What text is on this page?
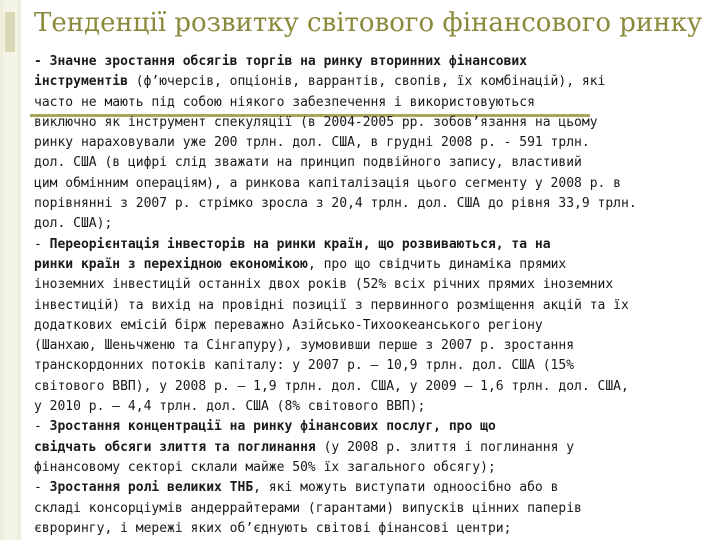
Тенденції розвитку світового фінансового ринку
- Значне зростання обсягів торгів на ринку вторинних фінансових
інструментів (ф’ючерсів, опціонів, варрантів, свопів, їх комбінацій), які
часто не мають під собою ніякого забезпечення і використовуються
виключно як інструмент спекуляції (в 2004-2005 рр. зобов’язання на цьому
ринку нараховували уже 200 трлн. дол. США, в грудні 2008 р. - 591 трлн.
дол. США (в цифрі слід зважати на принцип подвійного запису, властивий
цим обмінним операціям), а ринкова капіталізація цього сегменту у 2008 р. в
порівнянні з 2007 р. стрімко зросла з 20,4 трлн. дол. США до рівня 33,9 трлн.
дол. США);
- Переорієнтація інвесторів на ринки країн, що розвиваються, та на
ринки країн з перехідною економікою, про що свідчить динаміка прямих
іноземних інвестицій останніх двох років (52% всіх річних прямих іноземних
інвестицій) та вихід на провідні позиції з первинного розміщення акцій та їх
додаткових емісій бірж переважно Азійсько-Тихоокеанського регіону
(Шанхаю, Шеньчженю та Сінгапуру), зумовивши перше з 2007 р. зростання
транскордонних потоків капіталу: у 2007 р. – 10,9 трлн. дол. США (15%
світового ВВП), у 2008 р. – 1,9 трлн. дол. США, у 2009 – 1,6 трлн. дол. США,
у 2010 р. – 4,4 трлн. дол. США (8% світового ВВП);
- Зростання концентрації на ринку фінансових послуг, про що
свідчать обсяги злиття та поглинання (у 2008 р. злиття і поглинання у
фінансовому секторі склали майже 50% їх загального обсягу);
- Зростання ролі великих ТНБ, які можуть виступати одноосібно або в
складі консорціумів андеррайтерами (гарантами) випусків цінних паперів
єврорингу, і мережі яких об’єднують світові фінансові центри;
